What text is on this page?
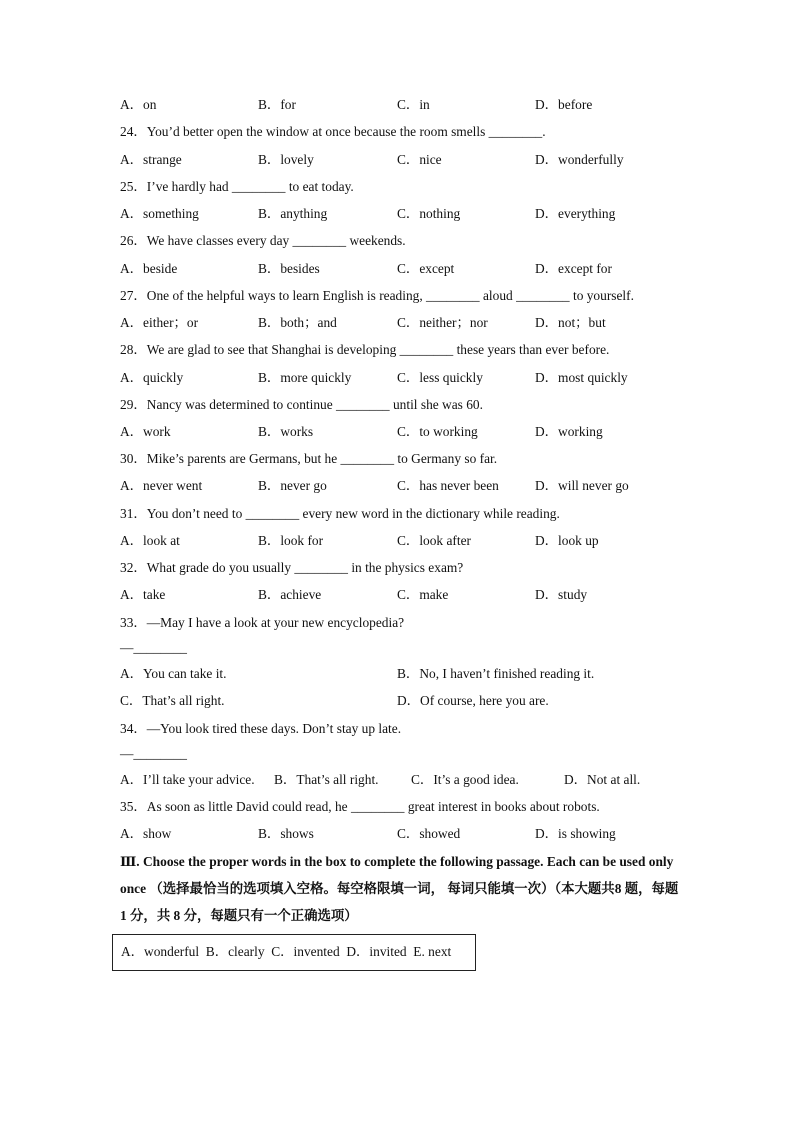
A．on	B．for	C．in	D．before
24．You’d better open the window at once because the room smells ________.
A．strange	B．lovely	C．nice	D．wonderfully
25．I’ve hardly had ________ to eat today.
A．something	B．anything	C．nothing	D．everything
26．We have classes every day ________ weekends.
A．beside	B．besides	C．except	D．except for
27．One of the helpful ways to learn English is reading, ________ aloud ________ to yourself.
A．either；or	B．both；and	C．neither；nor	D．not；but
28．We are glad to see that Shanghai is developing ________ these years than ever before.
A．quickly	B．more quickly	C．less quickly	D．most quickly
29．Nancy was determined to continue ________ until she was 60.
A．work	B．works	C．to working	D．working
30．Mike’s parents are Germans, but he ________ to Germany so far.
A．never went	B．never go	C．has never been	D．will never go
31．You don’t need to ________ every new word in the dictionary while reading.
A．look at	B．look for	C．look after	D．look up
32．What grade do you usually ________ in the physics exam?
A．take	B．achieve	C．make	D．study
33．—May I have a look at your new encyclopedia?
—________
A．You can take it.	B．No, I haven’t finished reading it.
C．That’s all right.	D．Of course, here you are.
34．—You look tired these days. Don’t stay up late.
—________
A．I’ll take your advice. B．That’s all right. C．It’s a good idea.	D．Not at all.
35．As soon as little David could read, he ________ great interest in books about robots.
A．show	B．shows	C．showed	D．is showing
Ⅲ. Choose the proper words in the box to complete the following passage. Each can be used only once （选择最恰当的选项填入空格。每空格限填一词， 每词只能填一次）（本大题共8 题，每题 1 分，共 8 分，每题只有一个正确选项）
A．wonderful  B．clearly  C．invented  D．invited  E. next
